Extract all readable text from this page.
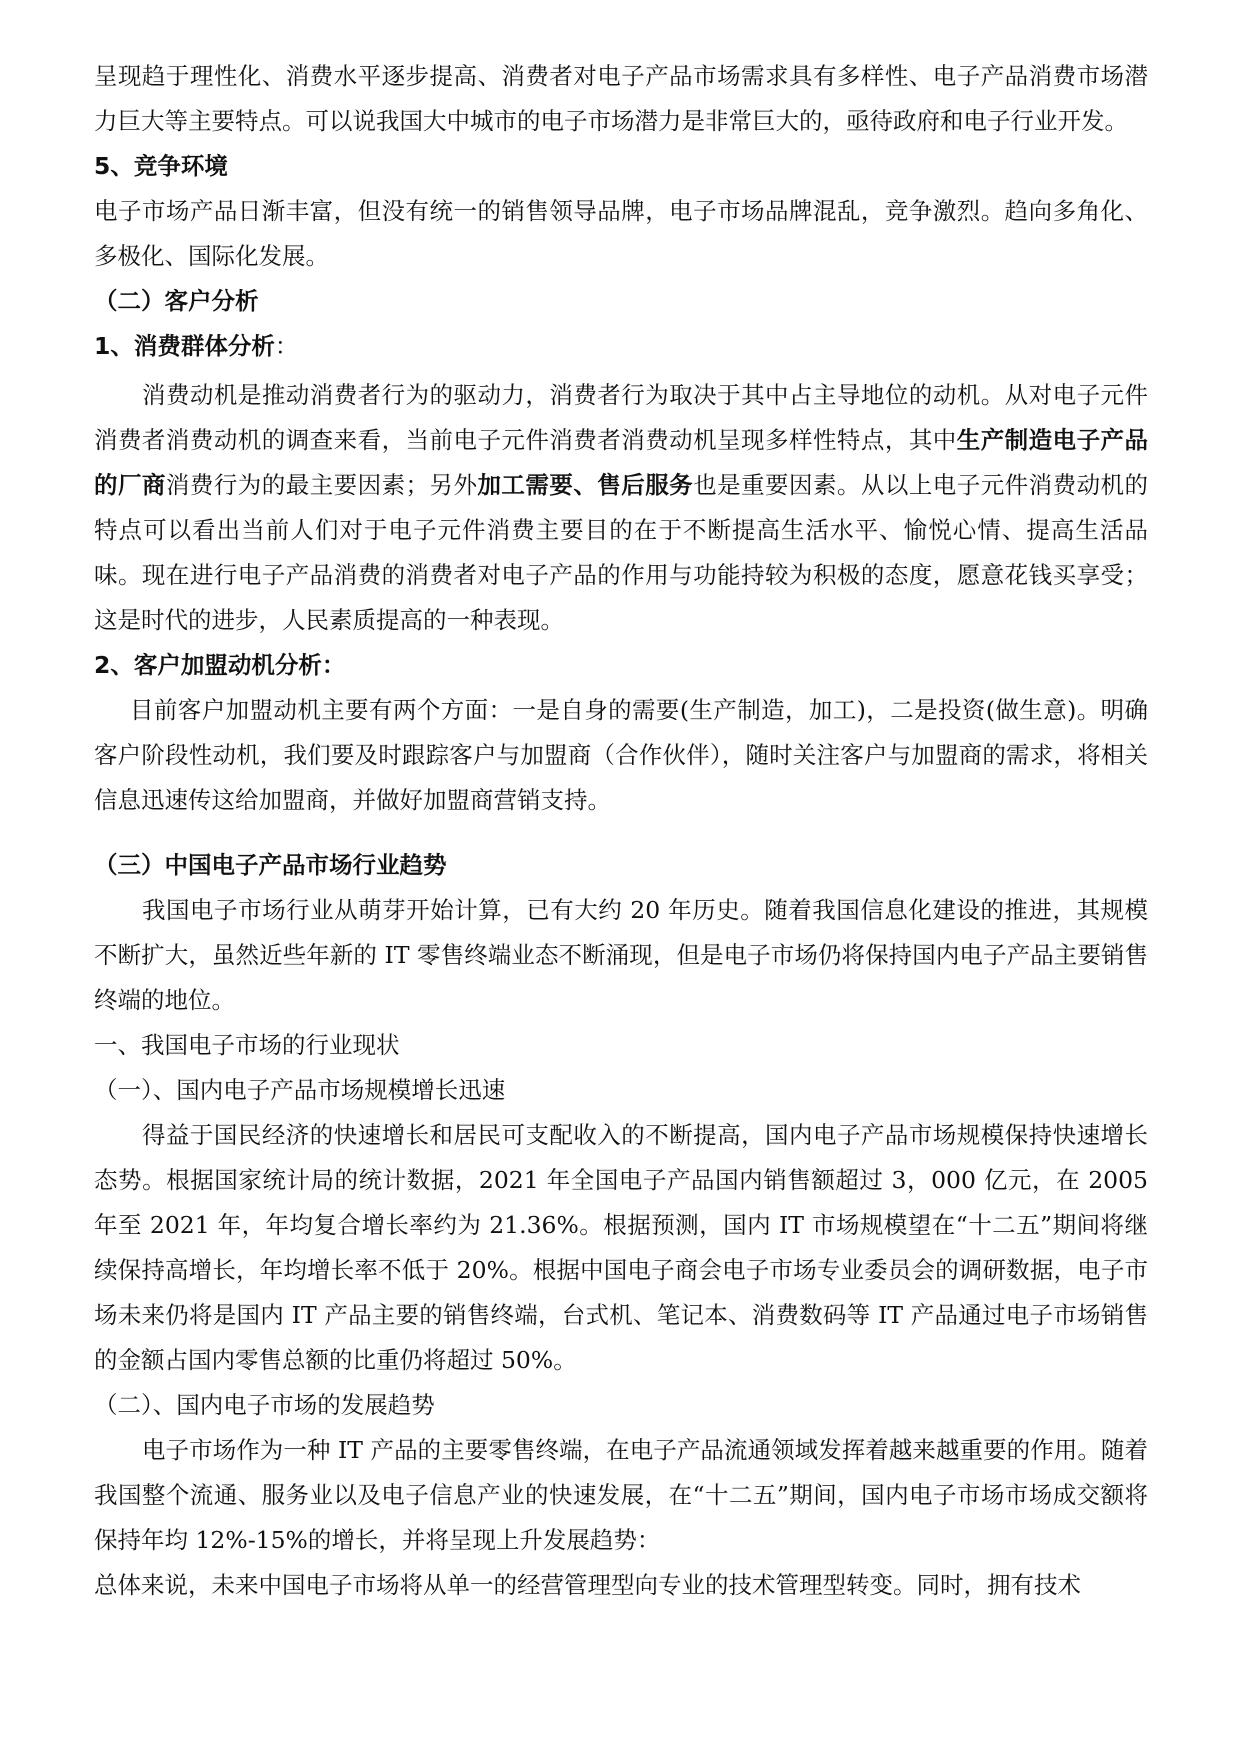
呈现趋于理性化、消费水平逐步提高、消费者对电子产品市场需求具有多样性、电子产品消费市场潜力巨大等主要特点。可以说我国大中城市的电子市场潜力是非常巨大的，亟待政府和电子行业开发。

5、竞争环境

电子市场产品日渐丰富，但没有统一的销售领导品牌，电子市场品牌混乱，竞争激烈。趋向多角化、多极化、国际化发展。

（二）客户分析

1、消费群体分析：

消费动机是推动消费者行为的驱动力，消费者行为取决于其中占主导地位的动机。从对电子元件消费者消费动机的调查来看，当前电子元件消费者消费动机呈现多样性特点，其中生产制造电子产品的厂商消费行为的最主要因素；另外加工需要、售后服务也是重要因素。从以上电子元件消费动机的特点可以看出当前人们对于电子元件消费主要目的在于不断提高生活水平、愉悦心情、提高生活品味。现在进行电子产品消费的消费者对电子产品的作用与功能持较为积极的态度，愿意花钱买享受；这是时代的进步，人民素质提高的一种表现。

2、客户加盟动机分析：

目前客户加盟动机主要有两个方面：一是自身的需要(生产制造，加工)，二是投资(做生意)。明确客户阶段性动机，我们要及时跟踪客户与加盟商（合作伙伴），随时关注客户与加盟商的需求，将相关信息迅速传这给加盟商，并做好加盟商营销支持。

（三）中国电子产品市场行业趋势

我国电子市场行业从萌芽开始计算，已有大约 20 年历史。随着我国信息化建设的推进，其规模不断扩大，虽然近些年新的 IT 零售终端业态不断涌现，但是电子市场仍将保持国内电子产品主要销售终端的地位。

一、我国电子市场的行业现状

（一）、国内电子产品市场规模增长迅速

得益于国民经济的快速增长和居民可支配收入的不断提高，国内电子产品市场规模保持快速增长态势。根据国家统计局的统计数据，2021 年全国电子产品国内销售额超过 3，000 亿元，在 2005 年至 2021 年，年均复合增长率约为 21.36%。根据预测，国内 IT 市场规模望在“十二五”期间将继续保持高增长，年均增长率不低于 20%。根据中国电子商会电子市场专业委员会的调研数据，电子市场未来仍将是国内 IT 产品主要的销售终端，台式机、笔记本、消费数码等 IT 产品通过电子市场销售的金额占国内零售总额的比重仍将超过 50%。

（二）、国内电子市场的发展趋势

电子市场作为一种 IT 产品的主要零售终端，在电子产品流通领域发挥着越来越重要的作用。随着我国整个流通、服务业以及电子信息产业的快速发展，在“十二五”期间，国内电子市场市场成交额将保持年均 12%-15%的增长，并将呈现上升发展趋势：

总体来说，未来中国电子市场将从单一的经营管理型向专业的技术管理型转变。同时，拥有技术
